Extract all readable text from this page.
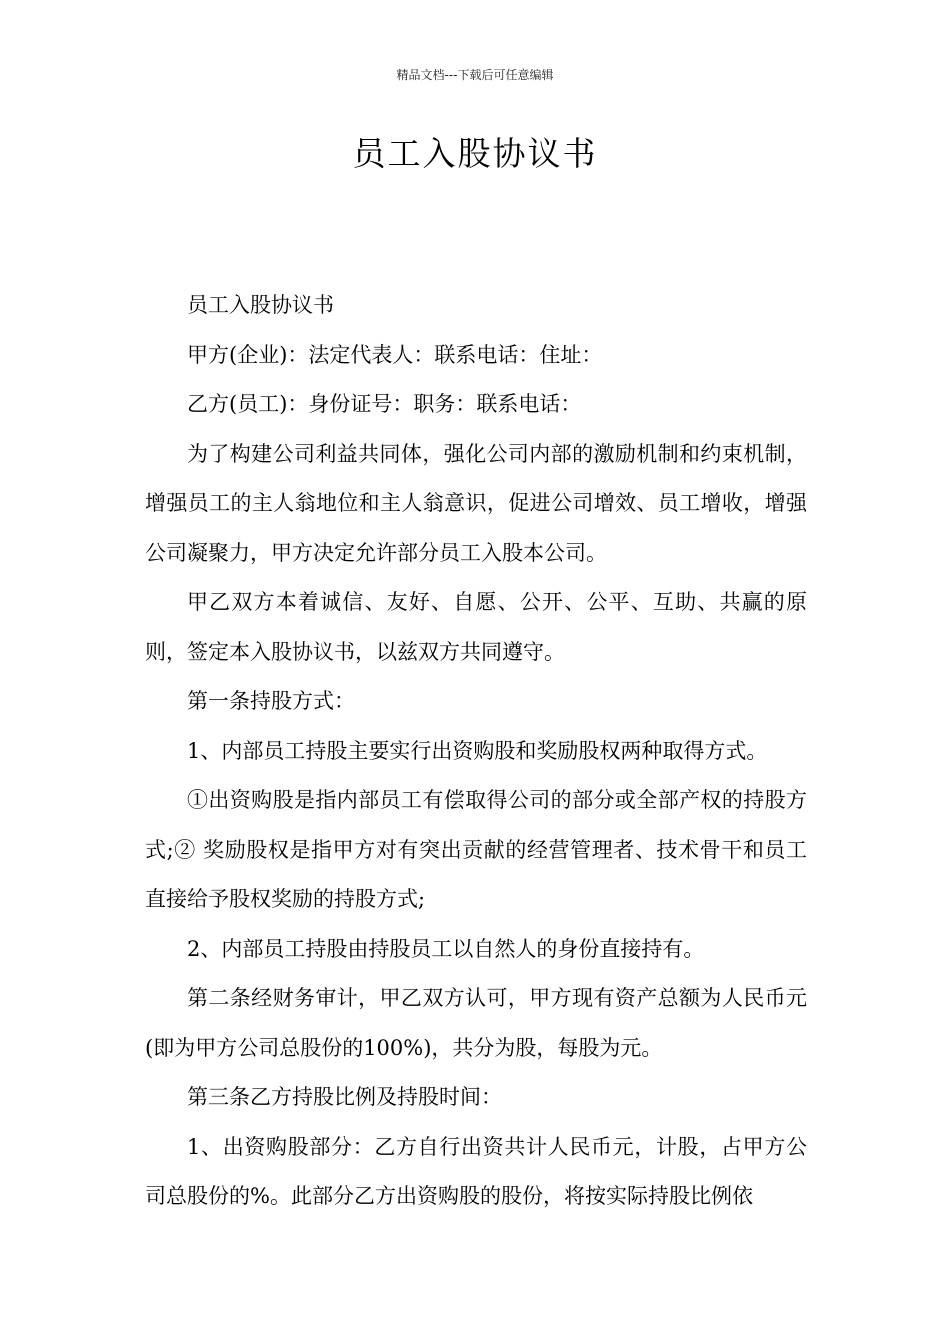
精品文档---下载后可任意编辑
员工入股协议书

员工入股协议书

甲方(企业)：法定代表人：联系电话：住址：

乙方(员工)：身份证号：职务：联系电话：

为了构建公司利益共同体，强化公司内部的激励机制和约束机制，增强员工的主人翁地位和主人翁意识，促进公司增效、员工增收，增强公司凝聚力，甲方决定允许部分员工入股本公司。

甲乙双方本着诚信、友好、自愿、公开、公平、互助、共赢的原则，签定本入股协议书，以兹双方共同遵守。

第一条持股方式：

1、内部员工持股主要实行出资购股和奖励股权两种取得方式。

①出资购股是指内部员工有偿取得公司的部分或全部产权的持股方式;② 奖励股权是指甲方对有突出贡献的经营管理者、技术骨干和员工直接给予股权奖励的持股方式;

2、内部员工持股由持股员工以自然人的身份直接持有。

第二条经财务审计，甲乙双方认可，甲方现有资产总额为人民币元(即为甲方公司总股份的100%)，共分为股，每股为元。

第三条乙方持股比例及持股时间：

1、出资购股部分：乙方自行出资共计人民币元，计股，占甲方公司总股份的%。此部分乙方出资购股的股份，将按实际持股比例依
